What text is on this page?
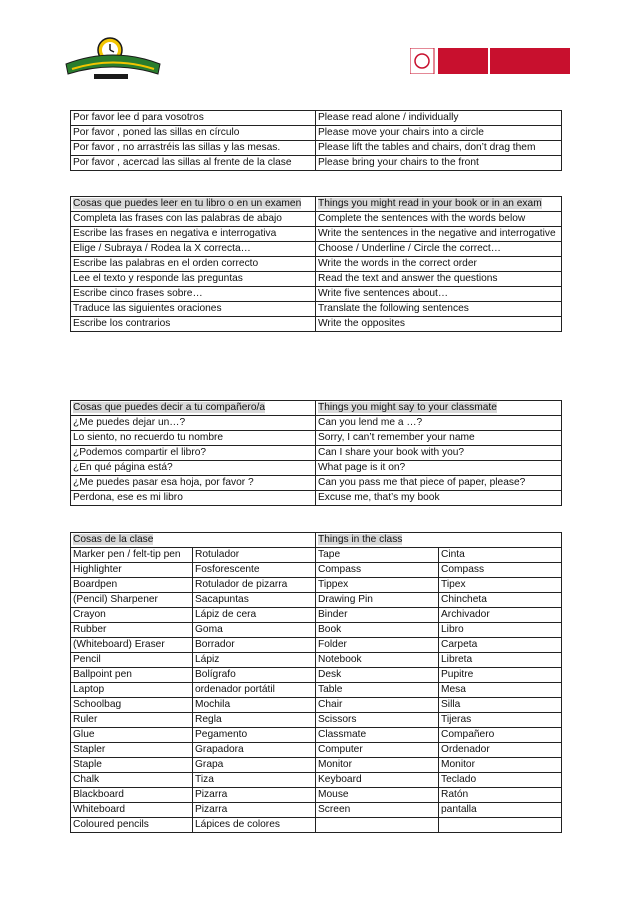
Por favor lee d para vosotros	Please read alone / individually
Por favor , poned las sillas en círculo	Please move your chairs into a circle
Por favor , no arrastréis las sillas y las mesas.	Please lift the tables and chairs, don’t drag them
Por favor , acercad las sillas al frente de la clase	Please bring your chairs to the front
Cosas que puedes leer en tu libro o en un examen	Things you might read in your book or in an exam
Completa las frases con las palabras de abajo	Complete the sentences with the words below
Escribe las frases en negativa e interrogativa	Write the sentences in the negative and interrogative
Elige / Subraya / Rodea la X correcta…	Choose / Underline / Circle the correct…
Escribe las palabras en el orden correcto	Write the words in the correct order
Lee el texto y responde las preguntas	Read the text and answer the questions
Escribe cinco frases sobre…	Write five sentences about…
Traduce las siguientes oraciones	Translate the following sentences
Escribe los contrarios	Write the opposites
Cosas que puedes decir a tu compañero/a	Things you might say to your classmate
¿Me puedes dejar un…?	Can you lend me a …?
Lo siento, no recuerdo tu nombre	Sorry, I can’t remember your name
¿Podemos compartir el libro?	Can I share your book with you?
¿En qué página está?	What page is it on?
¿Me puedes pasar esa hoja, por favor ?	Can you pass me that piece of paper, please?
Perdona, ese es mi libro	Excuse me, that’s my book
Cosas de la clase		Things in the class	
Marker pen / felt-tip pen	Rotulador	Tape	Cinta
Highlighter	Fosforescente	Compass	Compass
Boardpen	Rotulador de pizarra	Tippex	Tipex
(Pencil) Sharpener	Sacapuntas	Drawing Pin	Chincheta
Crayon	Lápiz de cera	Binder	Archivador
Rubber	Goma	Book	Libro
(Whiteboard) Eraser	Borrador	Folder	Carpeta
Pencil	Lápiz	Notebook	Libreta
Ballpoint pen	Bolígrafo	Desk	Pupitre
Laptop	ordenador portátil	Table	Mesa
Schoolbag	Mochila	Chair	Silla
Ruler	Regla	Scissors	Tijeras
Glue	Pegamento	Classmate	Compañero
Stapler	Grapadora	Computer	Ordenador
Staple	Grapa	Monitor	Monitor
Chalk	Tiza	Keyboard	Teclado
Blackboard	Pizarra	Mouse	Ratón
Whiteboard	Pizarra	Screen	pantalla
Coloured pencils	Lápices de colores		
